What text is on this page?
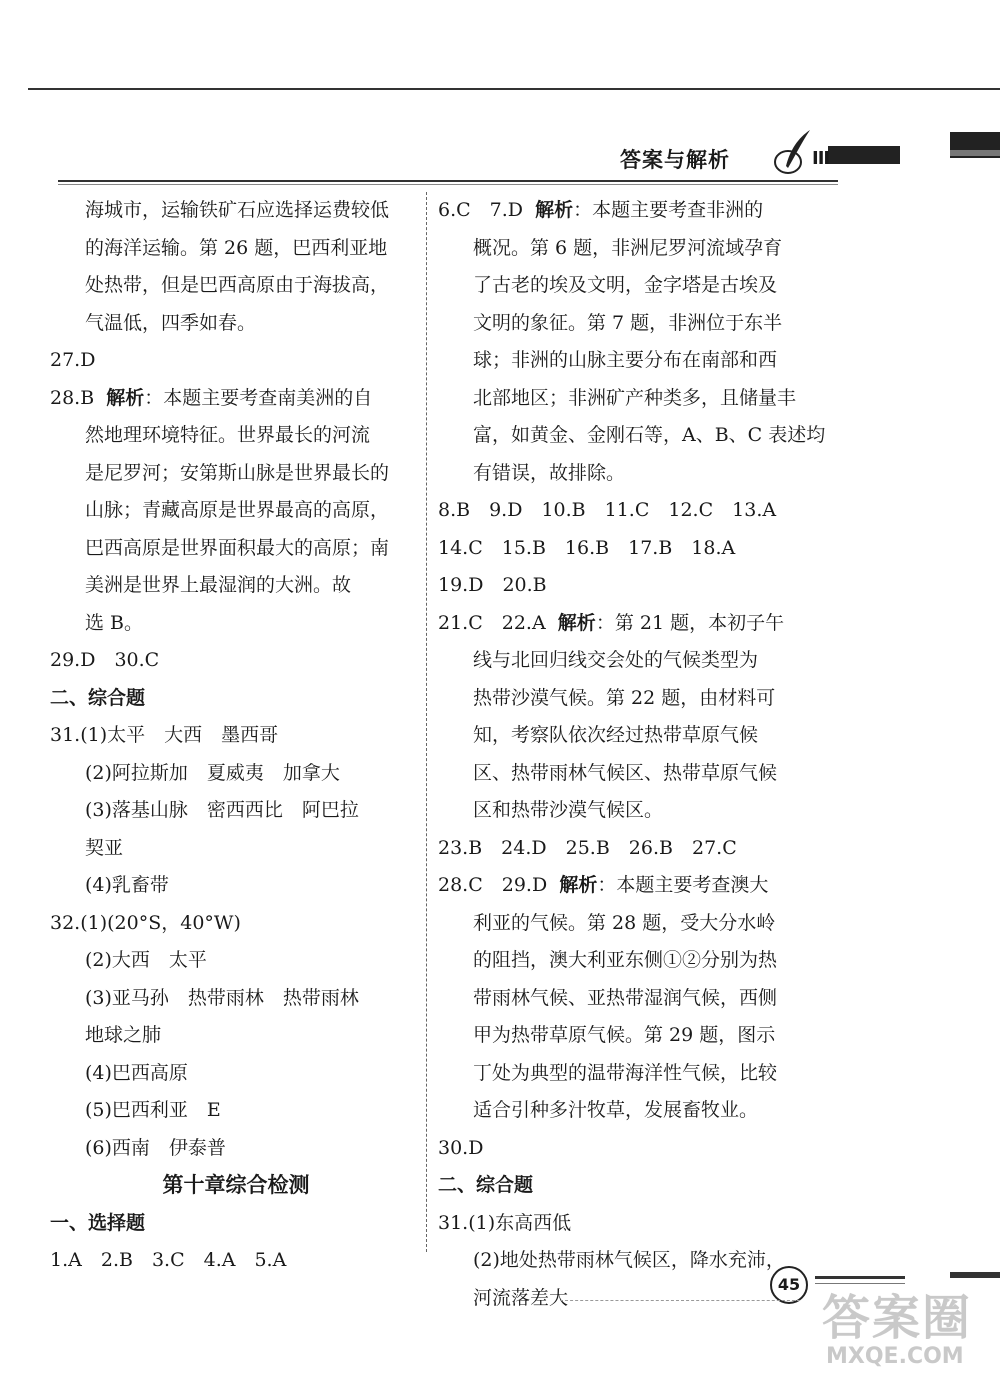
答案与解析	III
海城市，运输铁矿石应选择运费较低
的海洋运输。第 26 题，巴西利亚地
处热带，但是巴西高原由于海拔高，
气温低，四季如春。
27.D
28.B 解析：本题主要考查南美洲的自
然地理环境特征。世界最长的河流
是尼罗河；安第斯山脉是世界最长的
山脉；青藏高原是世界最高的高原，
巴西高原是世界面积最大的高原；南
美洲是世界上最湿润的大洲。故
选 B。
29.D　30.C
二、综合题
31.(1)太平　大西　墨西哥
(2)阿拉斯加　夏威夷　加拿大
(3)落基山脉　密西西比　阿巴拉
契亚
(4)乳畜带
32.(1)(20°S，40°W)
(2)大西　太平
(3)亚马孙　热带雨林　热带雨林
地球之肺
(4)巴西高原
(5)巴西利亚　E
(6)西南　伊泰普
第十章综合检测
一、选择题
1.A　2.B　3.C　4.A　5.A
6.C　7.D 解析：本题主要考查非洲的
概况。第 6 题，非洲尼罗河流域孕育
了古老的埃及文明，金字塔是古埃及
文明的象征。第 7 题，非洲位于东半
球；非洲的山脉主要分布在南部和西
北部地区；非洲矿产种类多，且储量丰
富，如黄金、金刚石等，A、B、C 表述均
有错误，故排除。
8.B　9.D　10.B　11.C　12.C　13.A
14.C　15.B　16.B　17.B　18.A
19.D　20.B
21.C　22.A 解析：第 21 题，本初子午
线与北回归线交会处的气候类型为
热带沙漠气候。第 22 题，由材料可
知，考察队依次经过热带草原气候
区、热带雨林气候区、热带草原气候
区和热带沙漠气候区。
23.B　24.D　25.B　26.B　27.C
28.C　29.D 解析：本题主要考查澳大
利亚的气候。第 28 题，受大分水岭
的阻挡，澳大利亚东侧①②分别为热
带雨林气候、亚热带湿润气候，西侧
甲为热带草原气候。第 29 题，图示
丁处为典型的温带海洋性气候，比较
适合引种多汁牧草，发展畜牧业。
30.D
二、综合题
31.(1)东高西低
(2)地处热带雨林气候区，降水充沛，
河流落差大
45
答案圈
MXQE.COM
